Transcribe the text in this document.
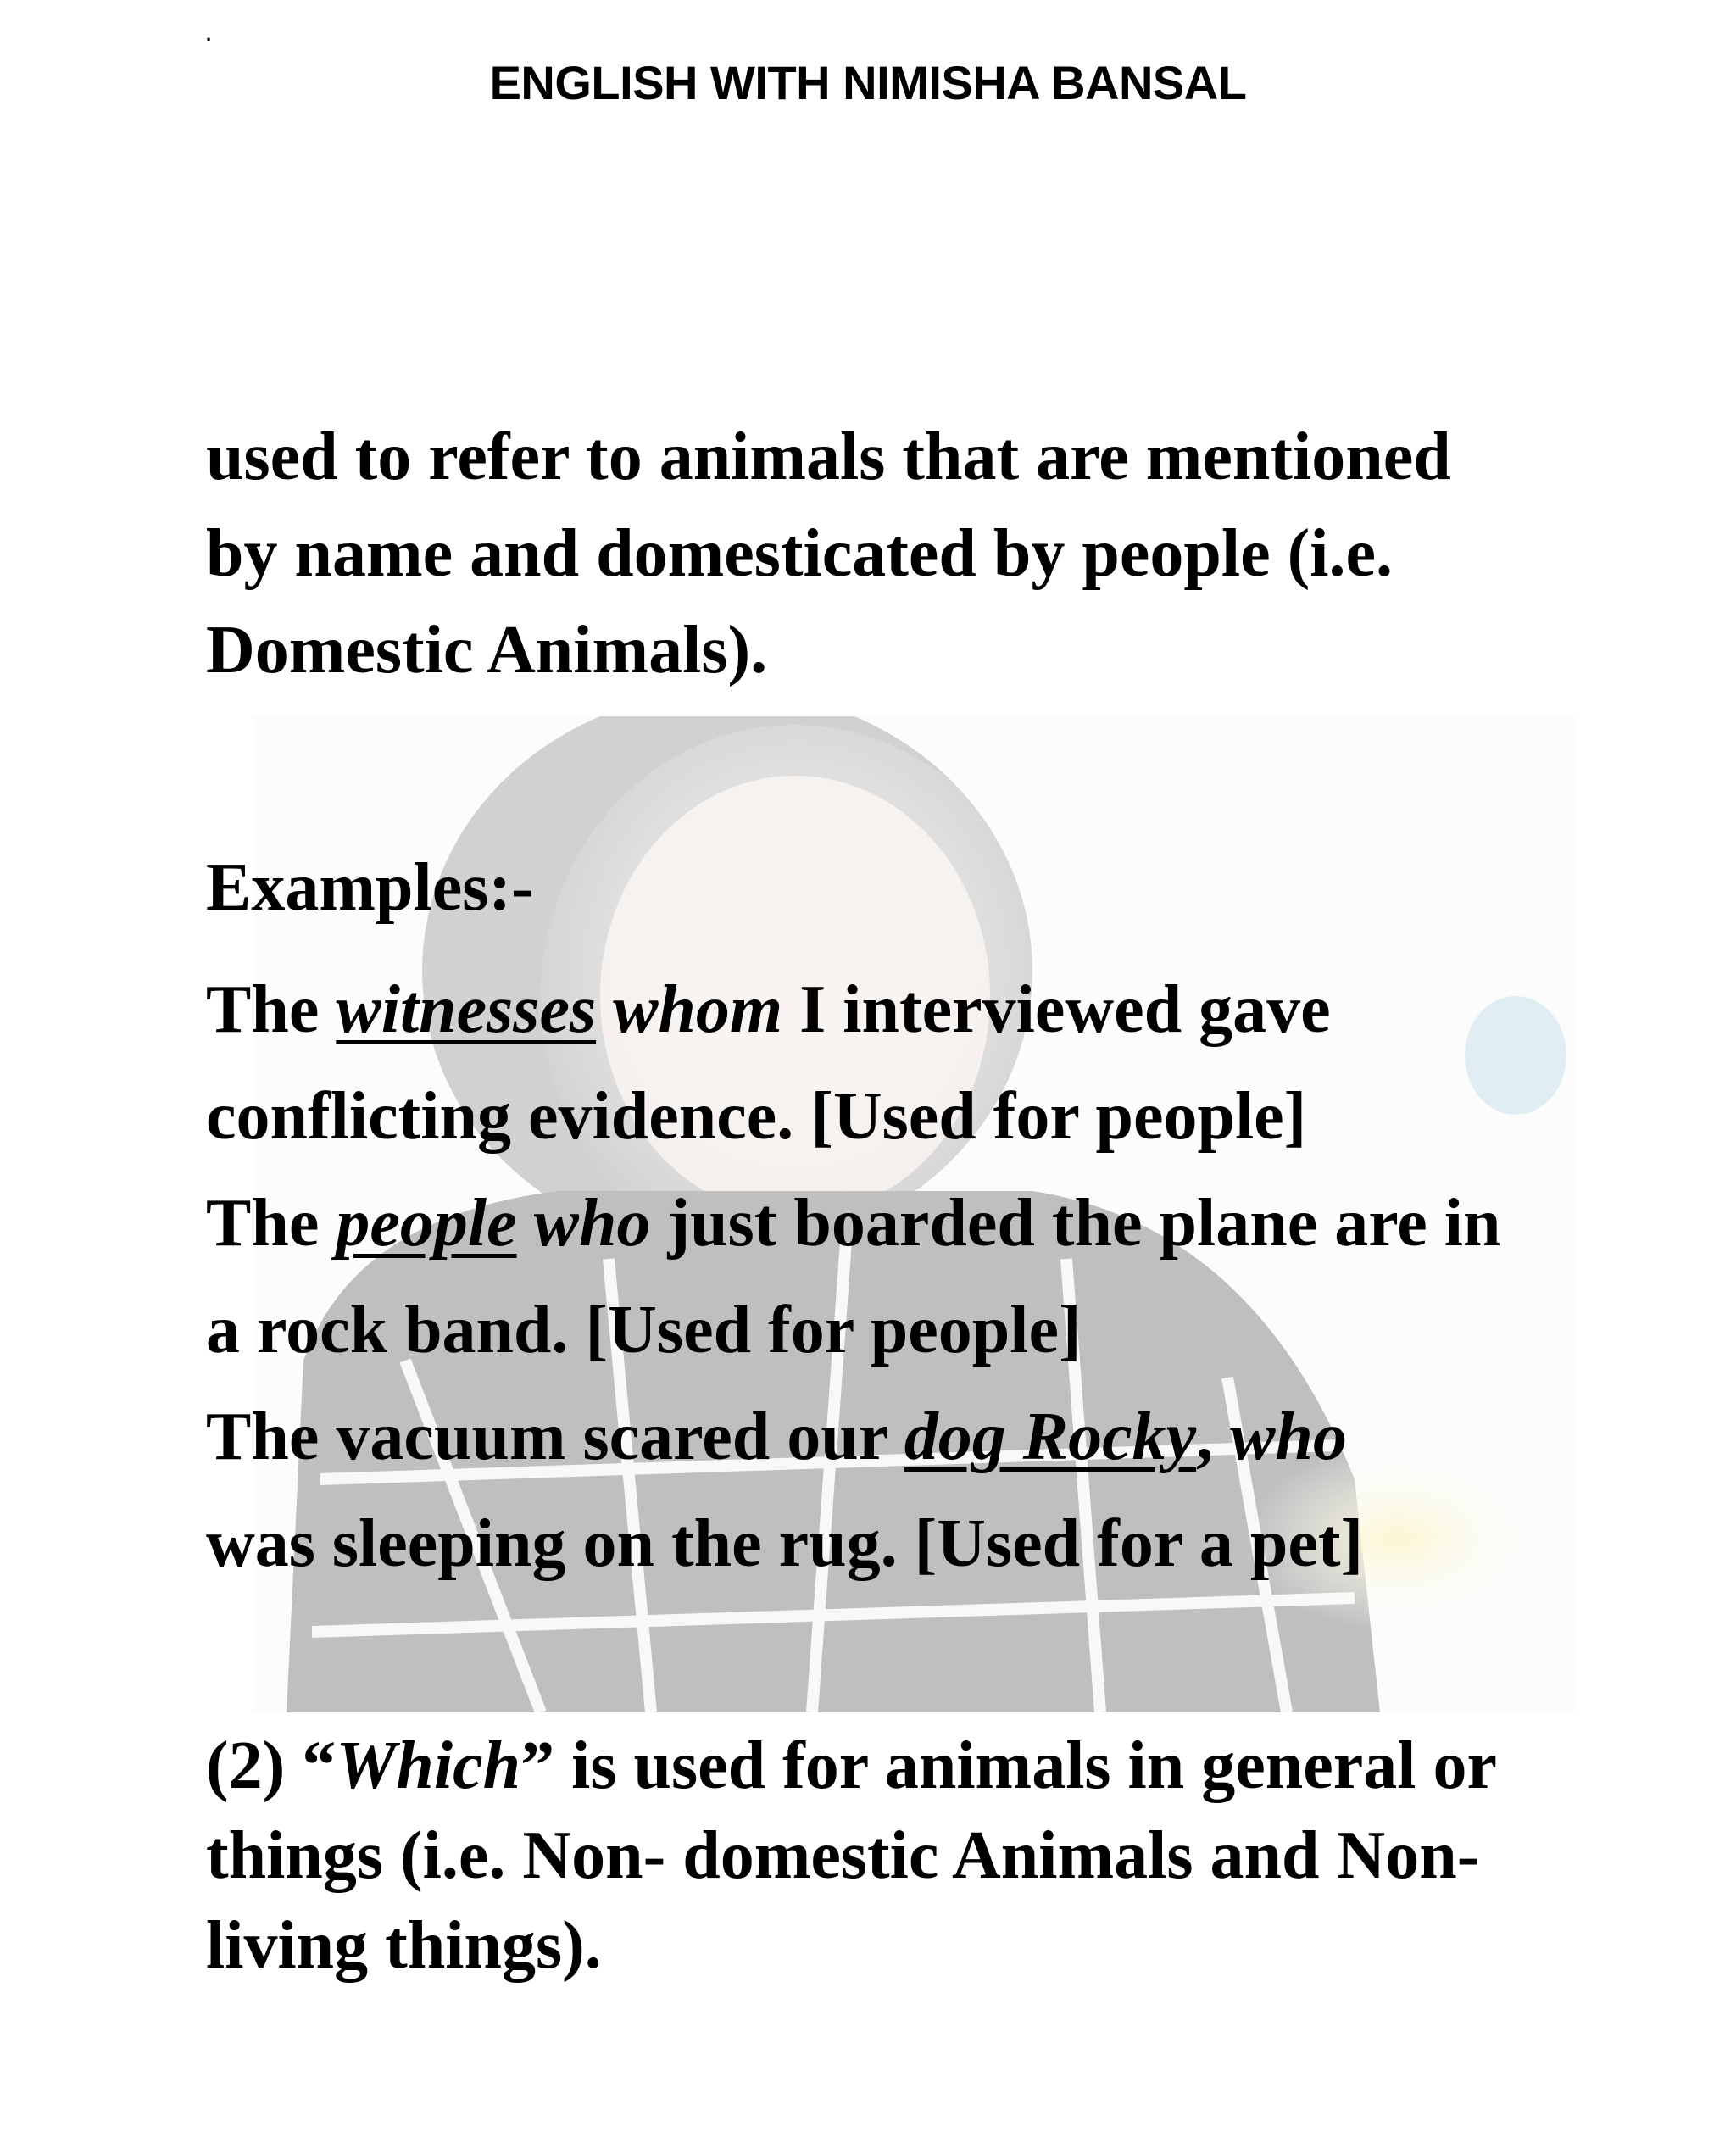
.
ENGLISH WITH NIMISHA BANSAL

used to refer to animals that are mentioned
by name and domesticated by people (i.e.
Domestic Animals).

Examples:-

The witnesses whom I interviewed gave
conflicting evidence. [Used for people]

The people who just boarded the plane are in
a rock band. [Used for people]

The vacuum scared our dog Rocky, who
was sleeping on the rug. [Used for a pet]

(2) “Which” is used for animals in general or
things (i.e. Non- domestic Animals and Non-
living things).
